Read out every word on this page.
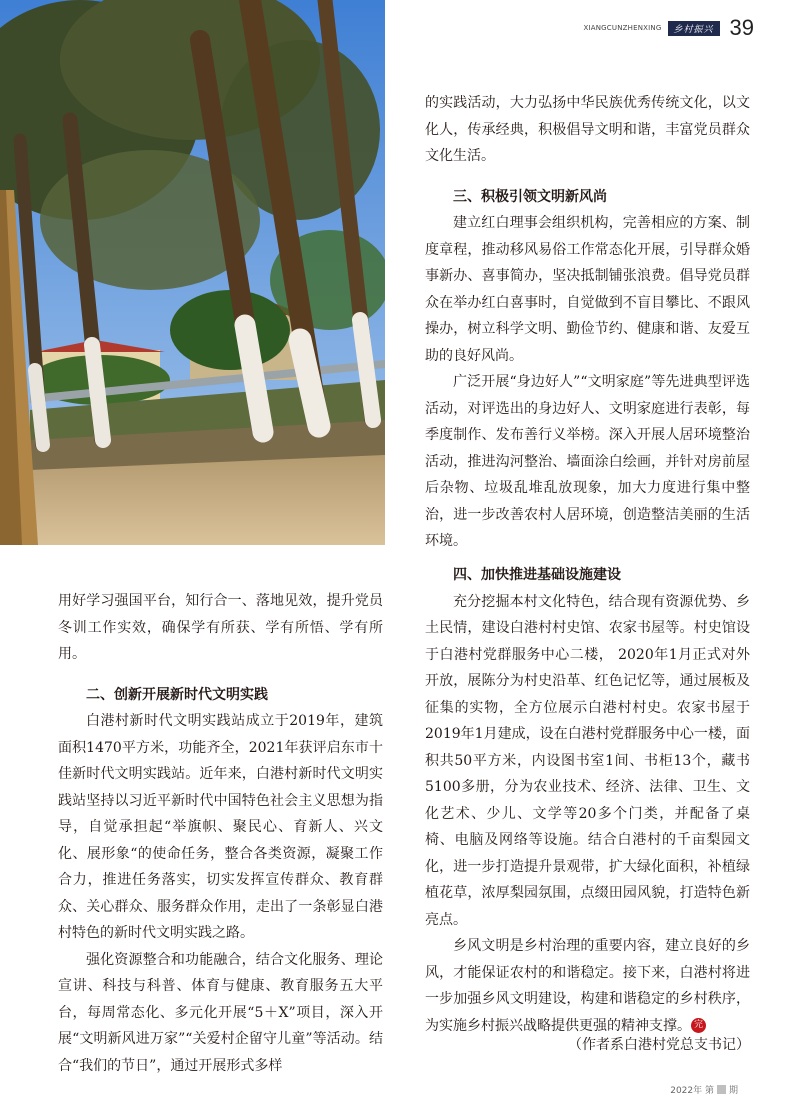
XIANGCUNZHENXING	乡村振兴 39

的实践活动，大力弘扬中华民族优秀传统文化，以文化人，传承经典，积极倡导文明和谐，丰富党员群众文化生活。

三、积极引领文明新风尚

建立红白理事会组织机构，完善相应的方案、制度章程，推动移风易俗工作常态化开展，引导群众婚事新办、喜事简办，坚决抵制铺张浪费。倡导党员群众在举办红白喜事时，自觉做到不盲目攀比、不跟风操办，树立科学文明、勤俭节约、健康和谐、友爱互助的良好风尚。

广泛开展“身边好人”“文明家庭”等先进典型评选活动，对评选出的身边好人、文明家庭进行表彰，每季度制作、发布善行义举榜。深入开展人居环境整治活动，推进沟河整治、墙面涂白绘画，并针对房前屋后杂物、垃圾乱堆乱放现象，加大力度进行集中整治，进一步改善农村人居环境，创造整洁美丽的生活环境。

用好学习强国平台，知行合一、落地见效，提升党员冬训工作实效，确保学有所获、学有所悟、学有所用。

二、创新开展新时代文明实践

白港村新时代文明实践站成立于2019年，建筑面积1470平方米，功能齐全，2021年获评启东市十佳新时代文明实践站。近年来，白港村新时代文明实践站坚持以习近平新时代中国特色社会主义思想为指导，自觉承担起“举旗帜、聚民心、育新人、兴文化、展形象“的使命任务，整合各类资源，凝聚工作合力，推进任务落实，切实发挥宣传群众、教育群众、关心群众、服务群众作用，走出了一条彰显白港村特色的新时代文明实践之路。

强化资源整合和功能融合，结合文化服务、理论宣讲、科技与科普、体育与健康、教育服务五大平台，每周常态化、多元化开展“5＋X”项目，深入开展“文明新风进万家”“关爱村企留守儿童”等活动。结合“我们的节日”，通过开展形式多样

四、加快推进基础设施建设

充分挖掘本村文化特色，结合现有资源优势、乡土民情，建设白港村村史馆、农家书屋等。村史馆设于白港村党群服务中心二楼， 2020年1月正式对外开放，展陈分为村史沿革、红色记忆等，通过展板及征集的实物，全方位展示白港村村史。农家书屋于2019年1月建成，设在白港村党群服务中心一楼，面积共50平方米，内设图书室1间、书柜13个，藏书5100多册，分为农业技术、经济、法律、卫生、文化艺术、少儿、文学等20多个门类，并配备了桌椅、电脑及网络等设施。结合白港村的千亩梨园文化，进一步打造提升景观带，扩大绿化面积，补植绿植花草，浓厚梨园氛围，点缀田园风貌，打造特色新亮点。

乡风文明是乡村治理的重要内容，建立良好的乡风，才能保证农村的和谐稳定。接下来，白港村将进一步加强乡风文明建设，构建和谐稳定的乡村秩序，为实施乡村振兴战略提供更强的精神支撑。 完

（作者系白港村党总支书记）
2022年 第 期
